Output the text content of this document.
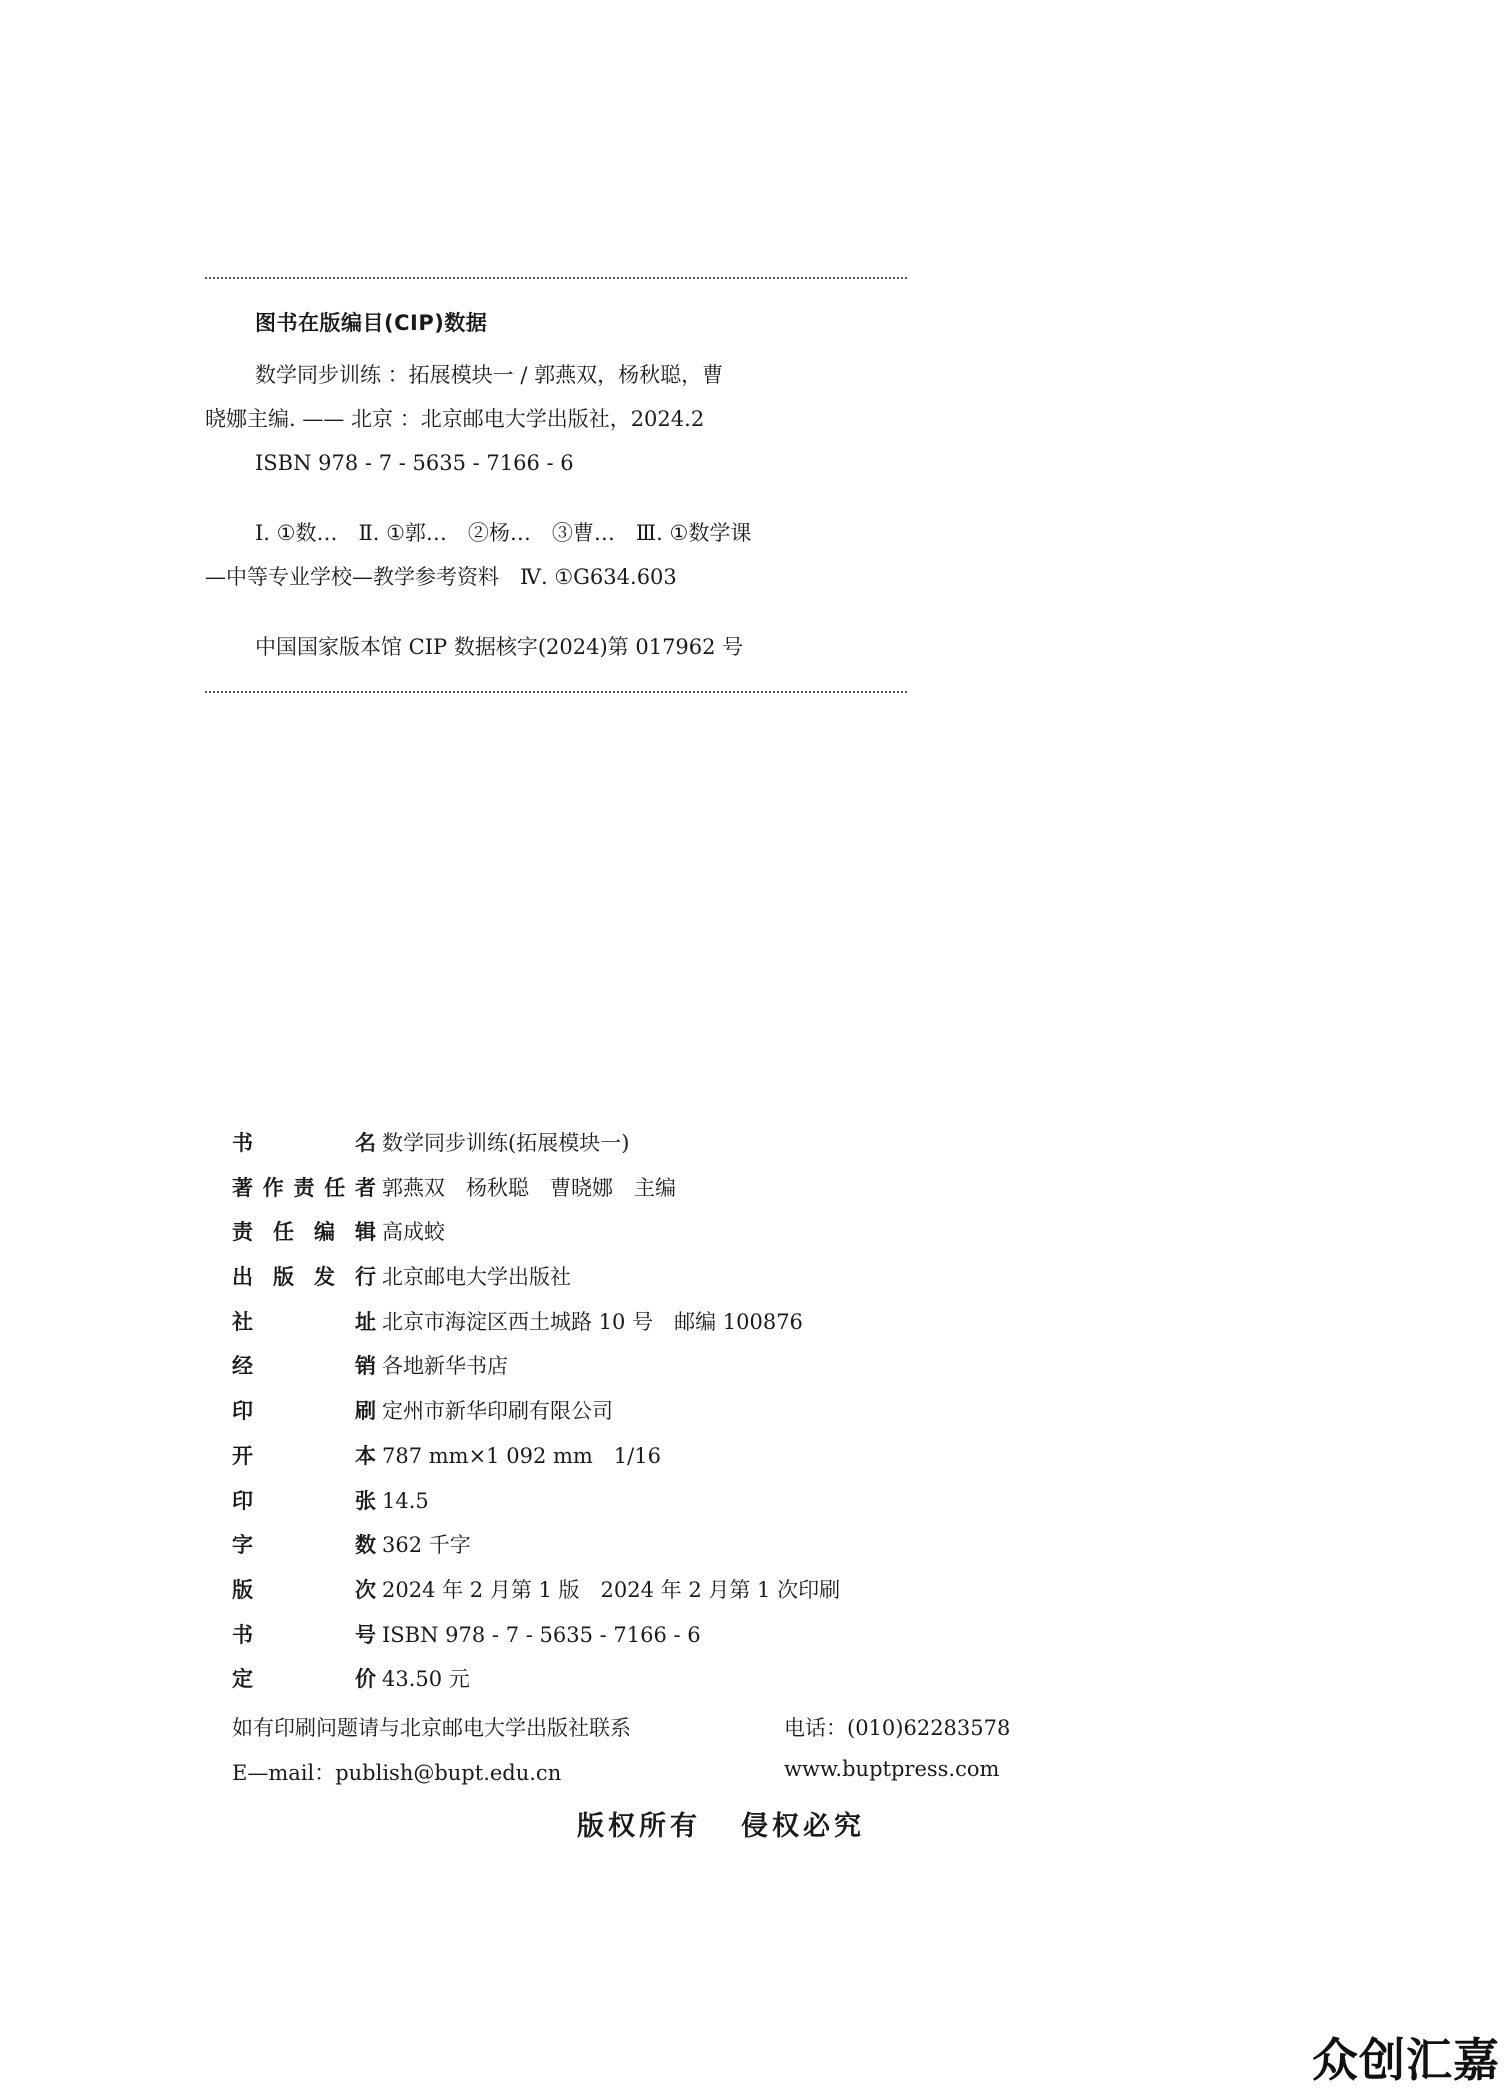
图书在版编目(CIP)数据
数学同步训练 ：拓展模块一 / 郭燕双，杨秋聪，曹
晓娜主编. —— 北京 ：北京邮电大学出版社，2024.2
ISBN 978 - 7 - 5635 - 7166 - 6
Ⅰ. ①数…　Ⅱ. ①郭…　②杨…　③曹…　Ⅲ. ①数学课
—中等专业学校—教学参考资料　Ⅳ. ①G634.603
中国国家版本馆 CIP 数据核字(2024)第 017962 号
书	名 数学同步训练(拓展模块一)
著 作 责 任 者 郭燕双　杨秋聪　曹晓娜　主编
责 任 编 辑 高成蛟
出 版 发 行 北京邮电大学出版社
社	址 北京市海淀区西土城路 10 号　邮编 100876
经	销 各地新华书店
印	刷 定州市新华印刷有限公司
开	本 787 mm×1 092 mm　1/16
印	张 14.5
字	数 362 千字
版	次 2024 年 2 月第 1 版　2024 年 2 月第 1 次印刷
书	号 ISBN 978 - 7 - 5635 - 7166 - 6
定	价 43.50 元
如有印刷问题请与北京邮电大学出版社联系	电话：(010)62283578
E—mail：publish@bupt.edu.cn	www.buptpress.com
版权所有 侵权必究
众创汇嘉
